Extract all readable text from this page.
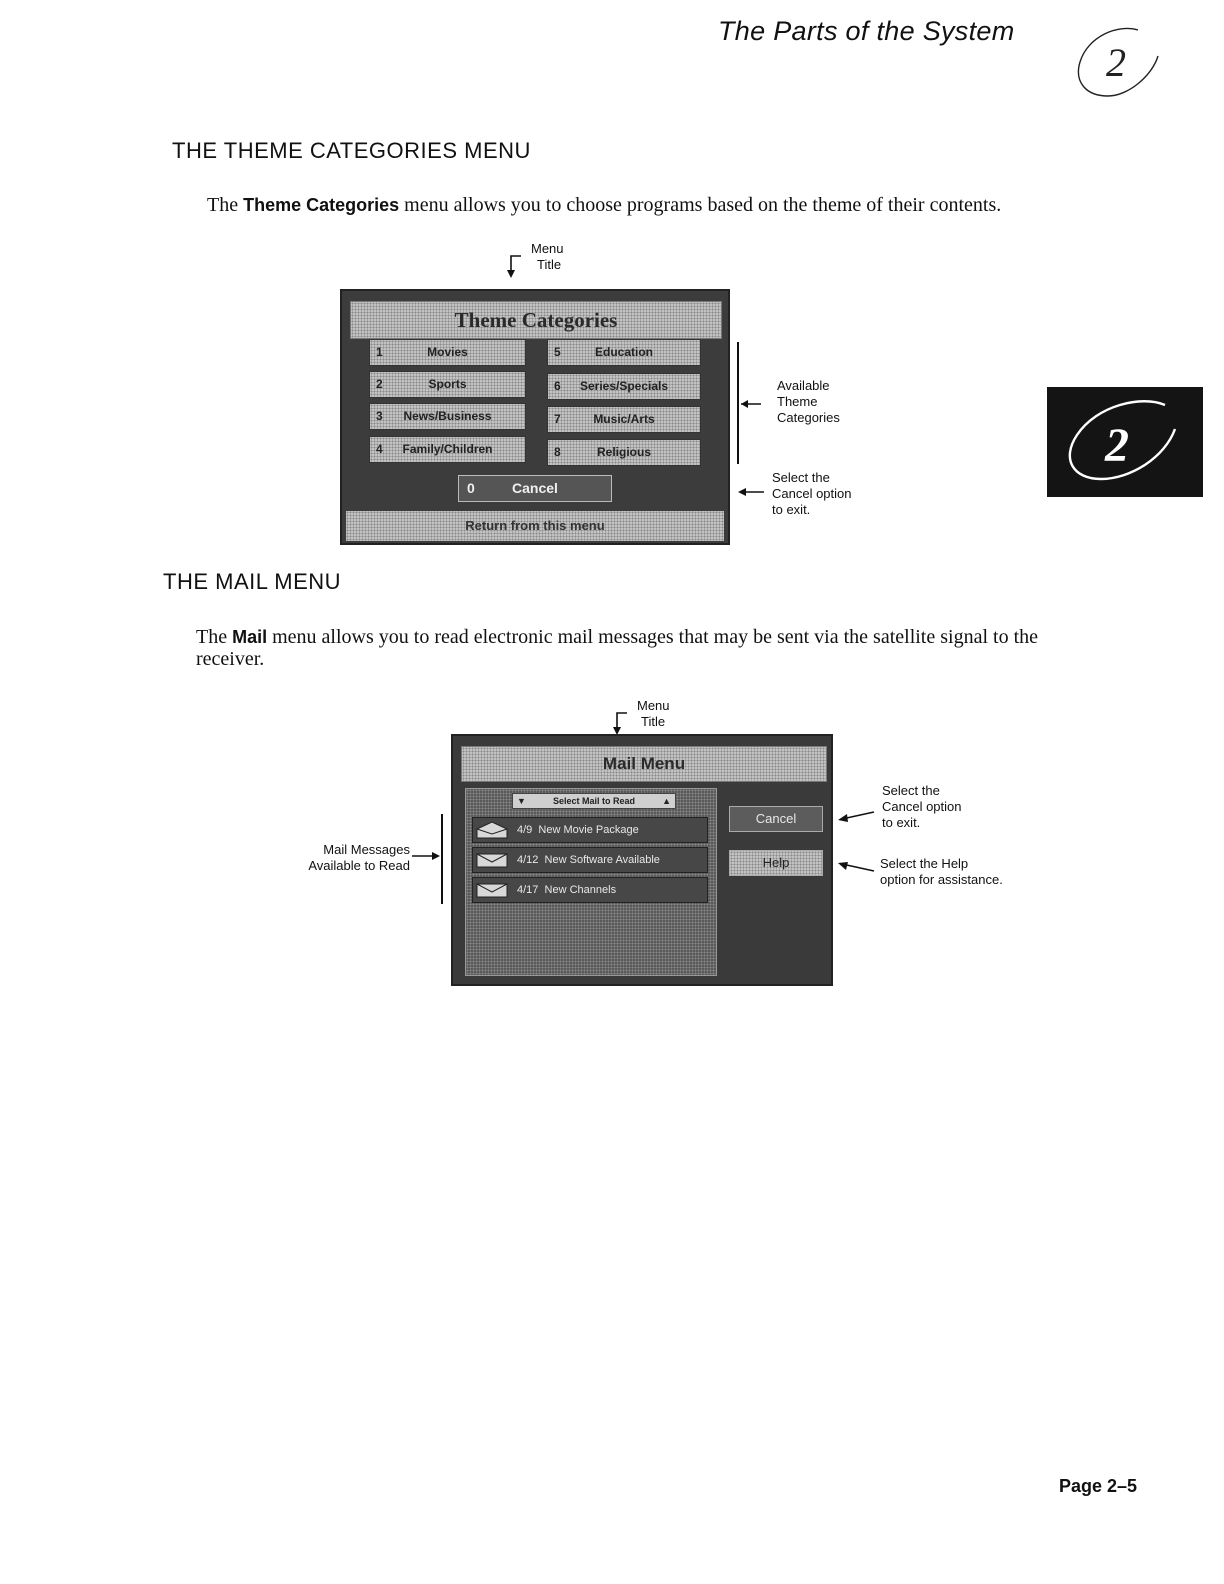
The Parts of the System
2
2
THE THEME CATEGORIES MENU
The Theme Categories menu allows you to choose programs based on the theme of their contents.
Menu
Title
Theme Categories
1	Movies
2	Sports
3	News/Business
4	Family/Children
5	Education
6	Series/Specials
7	Music/Arts
8	Religious
0	Cancel
Return from this menu
Available
Theme
Categories
Select the
Cancel option
to exit.
THE MAIL MENU
The Mail menu allows you to read electronic mail messages that may be sent via the satellite signal to the receiver.
Menu
Title
Mail Menu
▼	Select Mail to Read	▲
4/9 New Movie Package
4/12 New Software Available
4/17 New Channels
Cancel
Help
Mail Messages
Available to Read
Select the
Cancel option
to exit.
Select the Help
option for assistance.
Page 2–5
